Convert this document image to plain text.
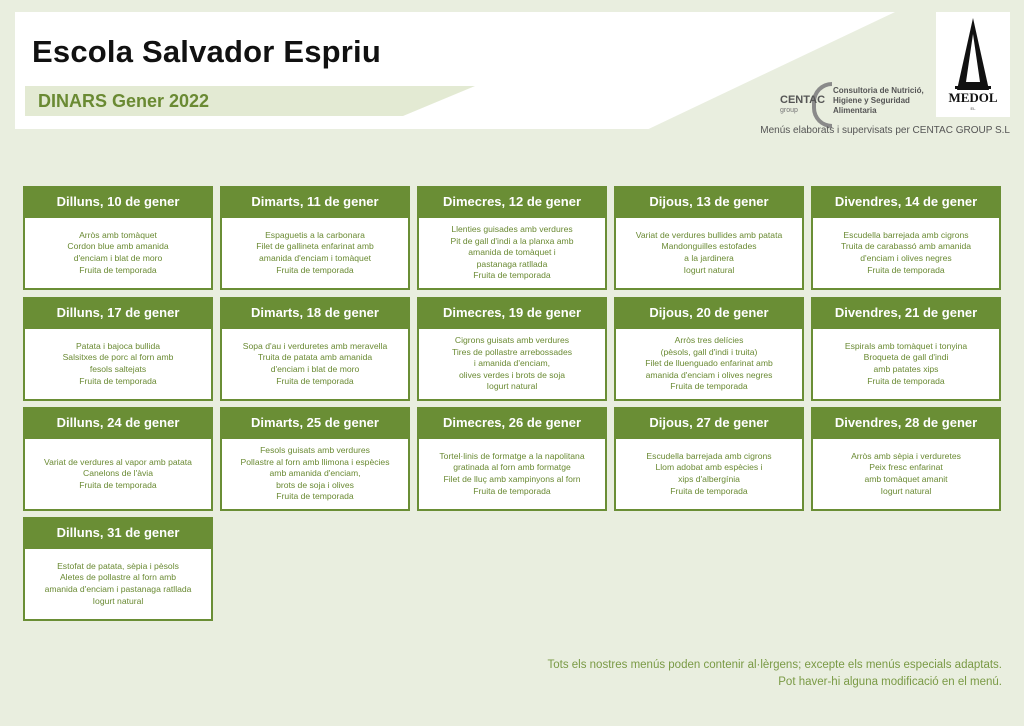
Escola Salvador Espriu
DINARS Gener 2022	CENTAC
group
Consultoria de Nutrició,
Higiene y Seguridad
Alimentaria
MEDOL
EL
Menús elaborats i supervisats per CENTAC GROUP S.L
Dilluns, 10 de gener
Arròs amb tomàquet
Cordon blue amb amanida
d'enciam i blat de moro
Fruita de temporada
Dimarts, 11 de gener
Espaguetis a la carbonara
Filet de gallineta enfarinat amb
amanida d'enciam i tomàquet
Fruita de temporada
Dimecres, 12 de gener
Llenties guisades amb verdures
Pit de gall d'indi a la planxa amb
amanida de tomàquet i
pastanaga ratllada
Fruita de temporada
Dijous, 13 de gener
Variat de verdures bullides amb patata
Mandonguilles estofades
a la jardinera
Iogurt natural
Divendres, 14 de gener
Escudella barrejada amb cigrons
Truita de carabassó amb amanida
d'enciam i olives negres
Fruita de temporada
Dilluns, 17 de gener
Patata i bajoca bullida
Salsitxes de porc al forn amb
fesols saltejats
Fruita de temporada
Dimarts, 18 de gener
Sopa d'au i verduretes amb meravella
Truita de patata amb amanida
d'enciam i blat de moro
Fruita de temporada
Dimecres, 19 de gener
Cigrons guisats amb verdures
Tires de pollastre arrebossades
i amanida d'enciam,
olives verdes i brots de soja
Iogurt natural
Dijous, 20 de gener
Arròs tres delícies
(pèsols, gall d'indi i truita)
Filet de lluenguado enfarinat amb
amanida d'enciam i olives negres
Fruita de temporada
Divendres, 21 de gener
Espirals amb tomàquet i tonyina
Broqueta de gall d'indi
amb patates xips
Fruita de temporada
Dilluns, 24 de gener
Variat de verdures al vapor amb patata
Canelons de l'àvia
Fruita de temporada
Dimarts, 25 de gener
Fesols guisats amb verdures
Pollastre al forn amb llimona i espècies
amb amanida d'enciam,
brots de soja i olives
Fruita de temporada
Dimecres, 26 de gener
Tortel·linis de formatge a la napolitana
gratinada al forn amb formatge
Filet de lluç amb xampinyons al forn
Fruita de temporada
Dijous, 27 de gener
Escudella barrejada amb cigrons
Llom adobat amb espècies i
xips d'albergínia
Fruita de temporada
Divendres, 28 de gener
Arròs amb sèpia i verduretes
Peix fresc enfarinat
amb tomàquet amanit
Iogurt natural
Dilluns, 31 de gener
Estofat de patata, sèpia i pèsols
Aletes de pollastre al forn amb
amanida d'enciam i pastanaga ratllada
Iogurt natural
Tots els nostres menús poden contenir al·lèrgens; excepte els menús especials adaptats.
Pot haver-hi alguna modificació en el menú.
